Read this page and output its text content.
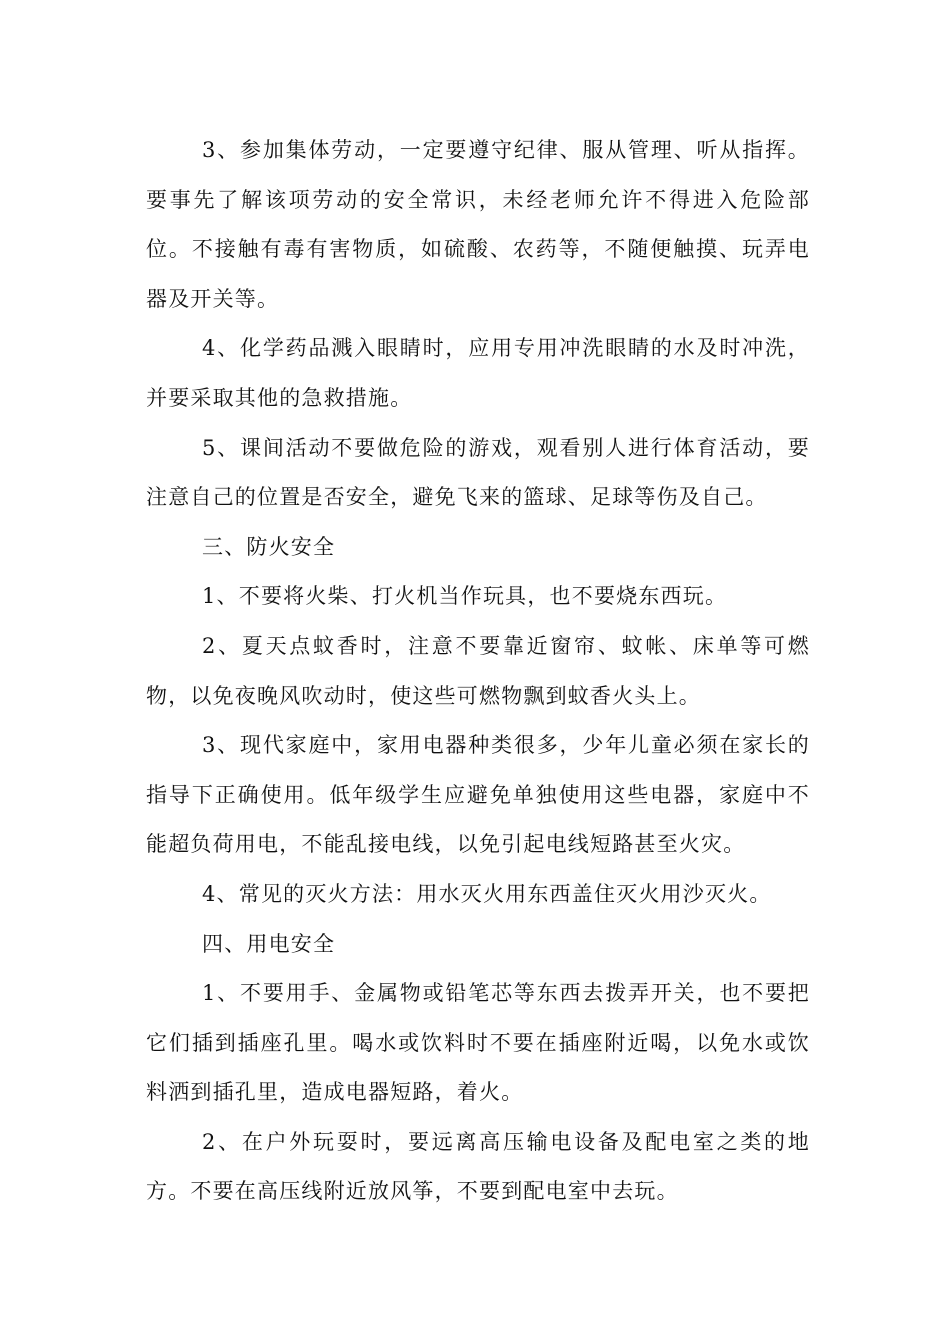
3、参加集体劳动，一定要遵守纪律、服从管理、听从指挥。要事先了解该项劳动的安全常识，未经老师允许不得进入危险部位。不接触有毒有害物质，如硫酸、农药等，不随便触摸、玩弄电器及开关等。

4、化学药品溅入眼睛时，应用专用冲洗眼睛的水及时冲洗，并要采取其他的急救措施。

5、课间活动不要做危险的游戏，观看别人进行体育活动，要注意自己的位置是否安全，避免飞来的篮球、足球等伤及自己。

三、防火安全

1、不要将火柴、打火机当作玩具，也不要烧东西玩。

2、夏天点蚊香时，注意不要靠近窗帘、蚊帐、床单等可燃物，以免夜晚风吹动时，使这些可燃物飘到蚊香火头上。

3、现代家庭中，家用电器种类很多，少年儿童必须在家长的指导下正确使用。低年级学生应避免单独使用这些电器，家庭中不能超负荷用电，不能乱接电线，以免引起电线短路甚至火灾。

4、常见的灭火方法：用水灭火用东西盖住灭火用沙灭火。

四、用电安全

1、不要用手、金属物或铅笔芯等东西去拨弄开关，也不要把它们插到插座孔里。喝水或饮料时不要在插座附近喝，以免水或饮料洒到插孔里，造成电器短路，着火。

2、在户外玩耍时，要远离高压输电设备及配电室之类的地方。不要在高压线附近放风筝，不要到配电室中去玩。
